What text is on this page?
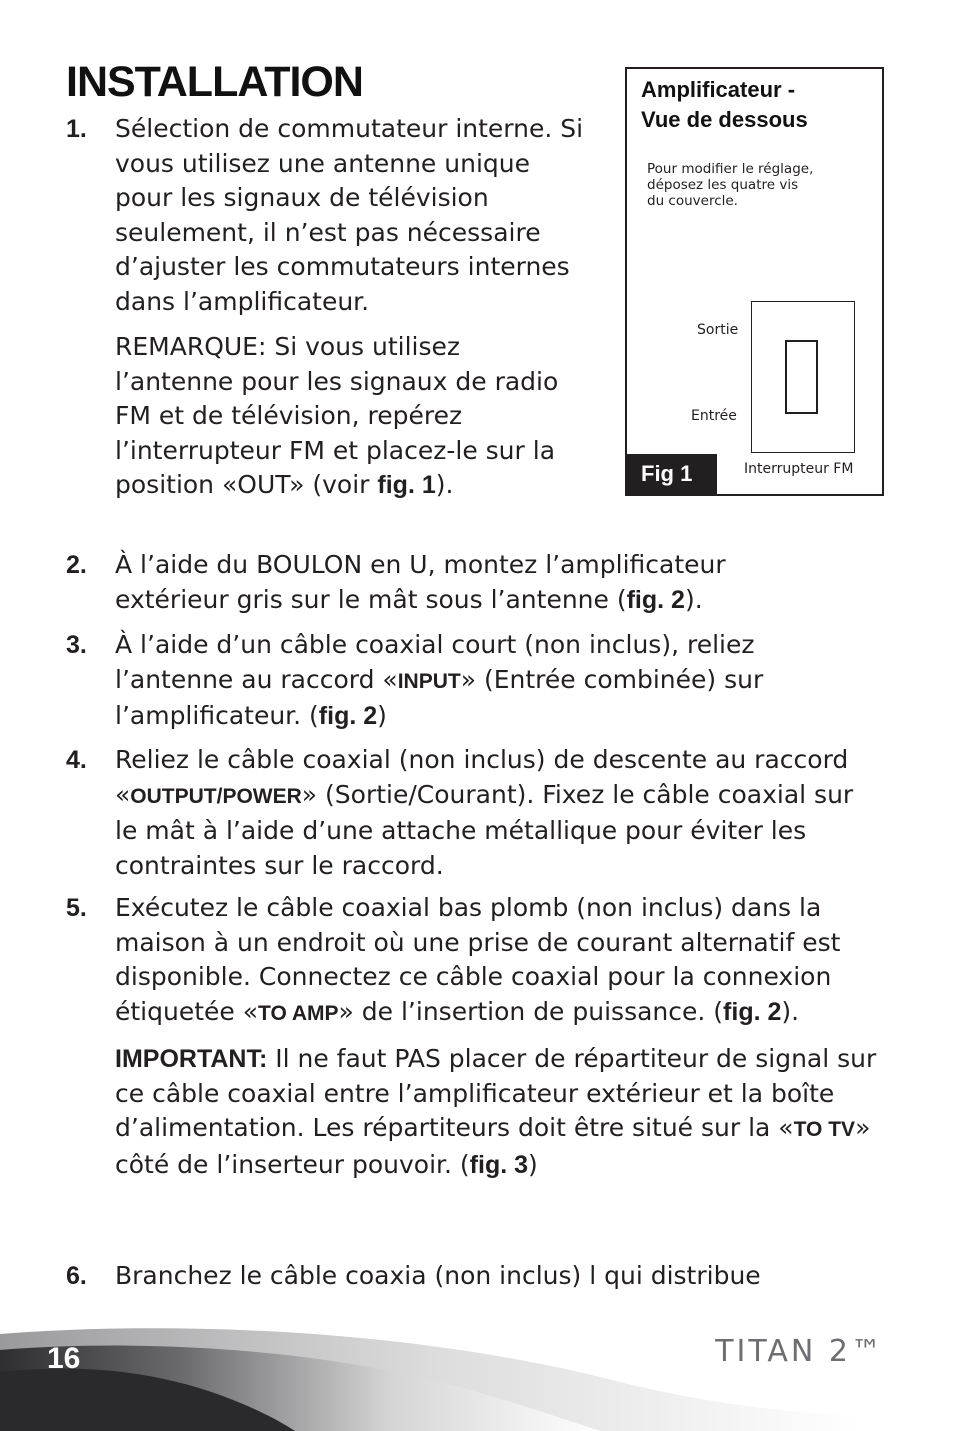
INSTALLATION
1.	Sélection de commutateur interne. Si vous utilisez une antenne unique pour les signaux de télévision seulement, il n’est pas nécessaire d’ajuster les commutateurs internes dans l’amplificateur.

REMARQUE: Si vous utilisez l’antenne pour les signaux de radio FM et de télévision, repérez l’interrupteur FM et placez-le sur la position «OUT» (voir fig. 1).

Amplificateur -
Vue de dessous

Pour modifier le réglage,
déposez les quatre vis
du couvercle.

Sortie
Entrée
Interrupteur FM
Fig 1
2.	À l’aide du BOULON en U, montez l’amplificateur extérieur gris sur le mât sous l’antenne (fig. 2).

3.	À l’aide d’un câble coaxial court (non inclus), reliez l’antenne au raccord «INPUT» (Entrée combinée) sur l’amplificateur. (fig. 2)

4.	Reliez le câble coaxial (non inclus) de descente au raccord «OUTPUT/POWER» (Sortie/Courant). Fixez le câble coaxial sur le mât à l’aide d’une attache métallique pour éviter les contraintes sur le raccord.

5.	Exécutez le câble coaxial bas plomb (non inclus) dans la maison à un endroit où une prise de courant alternatif est disponible. Connectez ce câble coaxial pour la connexion étiquetée «TO AMP» de l’insertion de puissance. (fig. 2).

IMPORTANT: Il ne faut PAS placer de répartiteur de signal sur ce câble coaxial entre l’amplificateur extérieur et la boîte d’alimentation. Les répartiteurs doit être situé sur la «TO TV» côté de l’inserteur pouvoir. (fig. 3)

6.	Branchez le câble coaxia (non inclus) l qui distribue

16	TITAN 2™
